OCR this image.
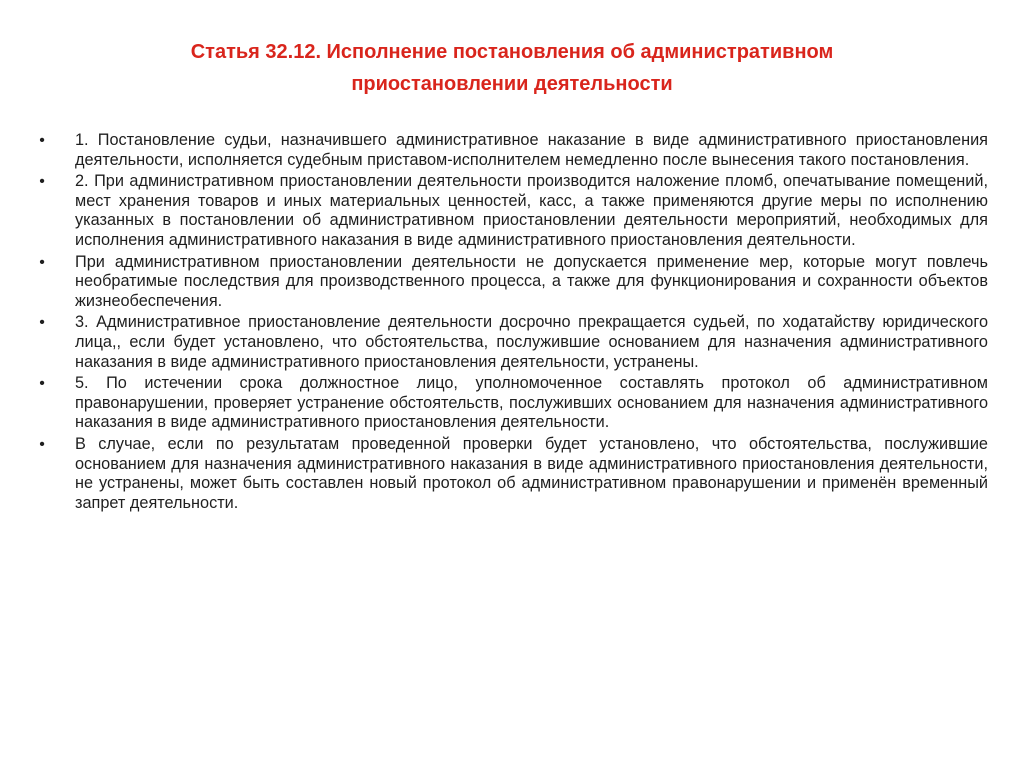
Статья 32.12. Исполнение постановления об административном
приостановлении деятельности
• 1. Постановление судьи, назначившего административное наказание в виде административного приостановления деятельности, исполняется судебным приставом-исполнителем немедленно после вынесения такого постановления.
• 2. При административном приостановлении деятельности производится наложение пломб, опечатывание помещений, мест хранения товаров и иных материальных ценностей, касс, а также применяются другие меры по исполнению указанных в постановлении об административном приостановлении деятельности мероприятий, необходимых для исполнения административного наказания в виде административного приостановления деятельности.
• При административном приостановлении деятельности не допускается применение мер, которые могут повлечь необратимые последствия для производственного процесса, а также для функционирования и сохранности объектов жизнеобеспечения.
• 3. Административное приостановление деятельности досрочно прекращается судьей, по ходатайству юридического лица,, если будет установлено, что обстоятельства, послужившие основанием для назначения административного наказания в виде административного приостановления деятельности, устранены.
• 5. По истечении срока должностное лицо, уполномоченное составлять протокол об административном правонарушении, проверяет устранение обстоятельств, послуживших основанием для назначения административного наказания в виде административного приостановления деятельности.
• В случае, если по результатам проведенной проверки будет установлено, что обстоятельства, послужившие основанием для назначения административного наказания в виде административного приостановления деятельности, не устранены, может быть составлен новый протокол об административном правонарушении и применён временный запрет деятельности.
